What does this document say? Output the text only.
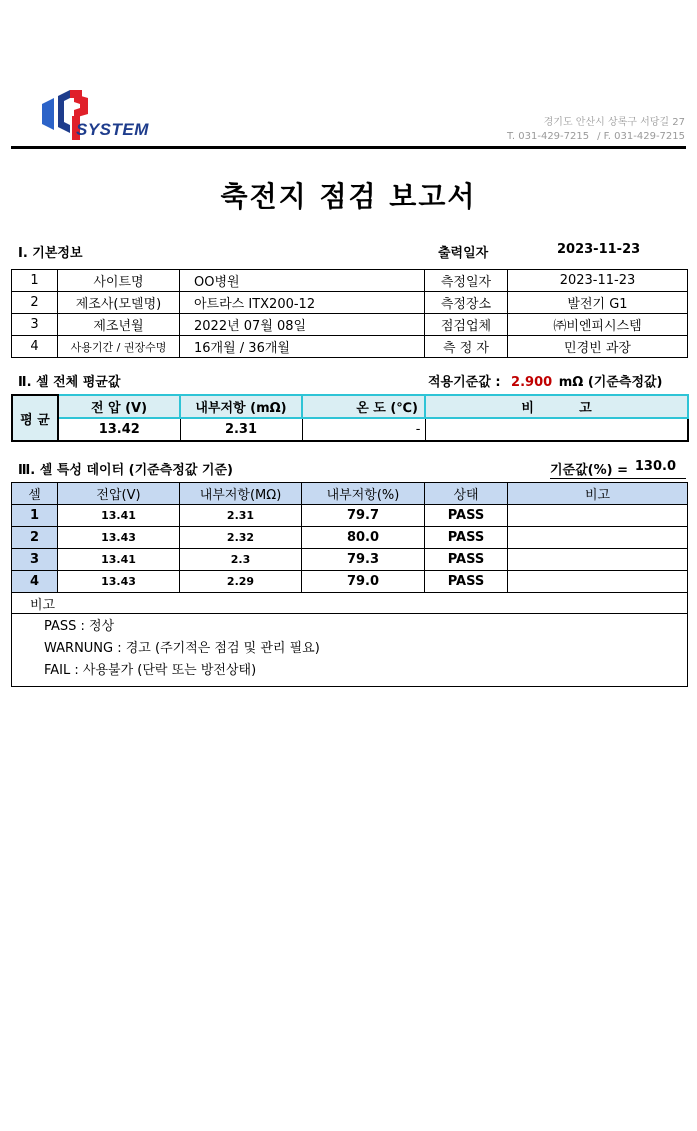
SYSTEM	경기도 안산시 상록구 서당길 27
T. 031-429-7215 / F. 031-429-7215
축전지 점검 보고서
Ⅰ. 기본정보	출력일자	2023-11-23
1	사이트명	OO병원	측정일자	2023-11-23
2	제조사(모델명)	아트라스 ITX200-12	측정장소	발전기 G1
3	제조년월	2022년 07월 08일	점검업체	㈜비엔피시스템
4	사용기간 / 권장수명	16개월 / 36개월	측 정 자	민경빈 과장
Ⅱ. 셀 전체 평균값	적용기준값 : 2.900 mΩ (기준측정값)
평 균	전 압 (V)	내부저항 (mΩ)	온 도 (℃)	비          고
	13.42	2.31	-	
Ⅲ. 셀 특성 데이터 (기준측정값 기준)	기준값(%) = 130.0
셀	전압(V)	내부저항(MΩ)	내부저항(%)	상태	비고
1	13.41	2.31	79.7	PASS	
2	13.43	2.32	80.0	PASS	
3	13.41	2.3	79.3	PASS	
4	13.43	2.29	79.0	PASS	
비고					

PASS : 정상
WARNUNG : 경고 (주기적은 점검 및 관리 필요)
FAIL : 사용불가 (단락 또는 방전상태)					
